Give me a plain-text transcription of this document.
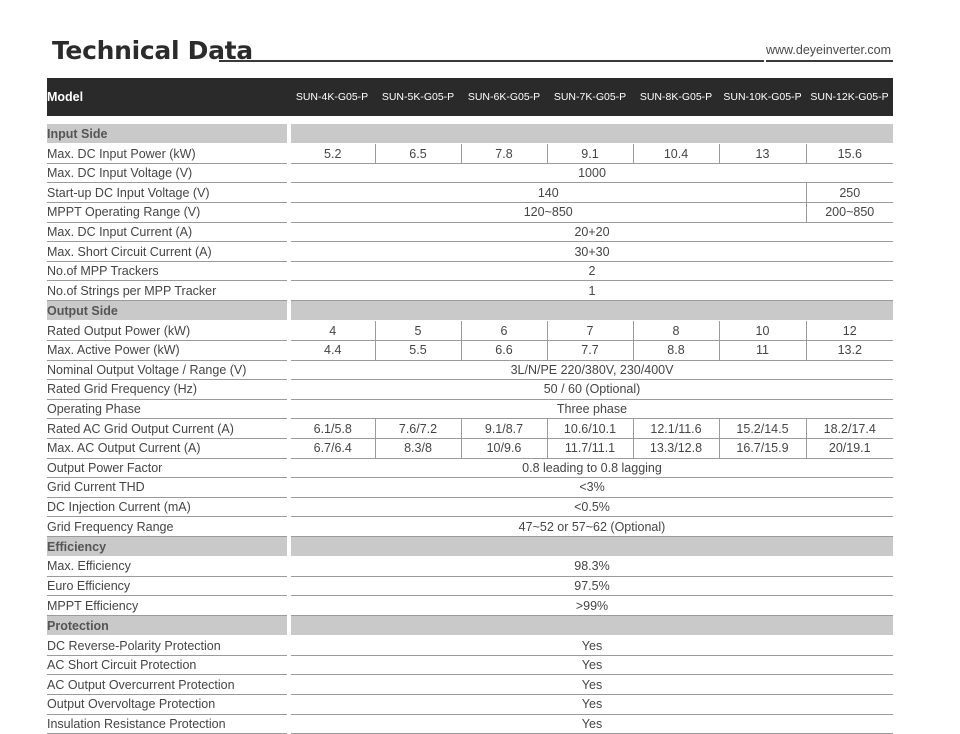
Technical Data	www.deyeinverter.com
Model	SUN-4K-G05-P	SUN-5K-G05-P	SUN-6K-G05-P	SUN-7K-G05-P	SUN-8K-G05-P	SUN-10K-G05-P	SUN-12K-G05-P

Input Side							
Max. DC Input Power (kW)	5.2	6.5	7.8	9.1	10.4	13	15.6
Max. DC Input Voltage (V)	1000						
Start-up DC Input Voltage (V)	140						250
MPPT Operating Range (V)	120~850						200~850
Max. DC Input Current (A)	20+20						
Max. Short Circuit Current (A)	30+30						
No.of MPP Trackers	2						
No.of Strings per MPP Tracker	1						
Output Side							
Rated Output Power (kW)	4	5	6	7	8	10	12
Max. Active Power (kW)	4.4	5.5	6.6	7.7	8.8	11	13.2
Nominal Output Voltage / Range (V)	3L/N/PE 220/380V, 230/400V						
Rated Grid Frequency (Hz)	50 / 60 (Optional)						
Operating Phase	Three phase						
Rated AC Grid Output Current (A)	6.1/5.8	7.6/7.2	9.1/8.7	10.6/10.1	12.1/11.6	15.2/14.5	18.2/17.4
Max. AC Output Current (A)	6.7/6.4	8.3/8	10/9.6	11.7/11.1	13.3/12.8	16.7/15.9	20/19.1
Output Power Factor	0.8 leading to 0.8 lagging						
Grid Current THD	<3%						
DC Injection Current (mA)	<0.5%						
Grid Frequency Range	47~52 or 57~62 (Optional)						
Efficiency							
Max. Efficiency	98.3%						
Euro Efficiency	97.5%						
MPPT Efficiency	>99%						
Protection							
DC Reverse-Polarity Protection	Yes						
AC Short Circuit Protection	Yes						
AC Output Overcurrent Protection	Yes						
Output Overvoltage Protection	Yes						
Insulation Resistance Protection	Yes						
